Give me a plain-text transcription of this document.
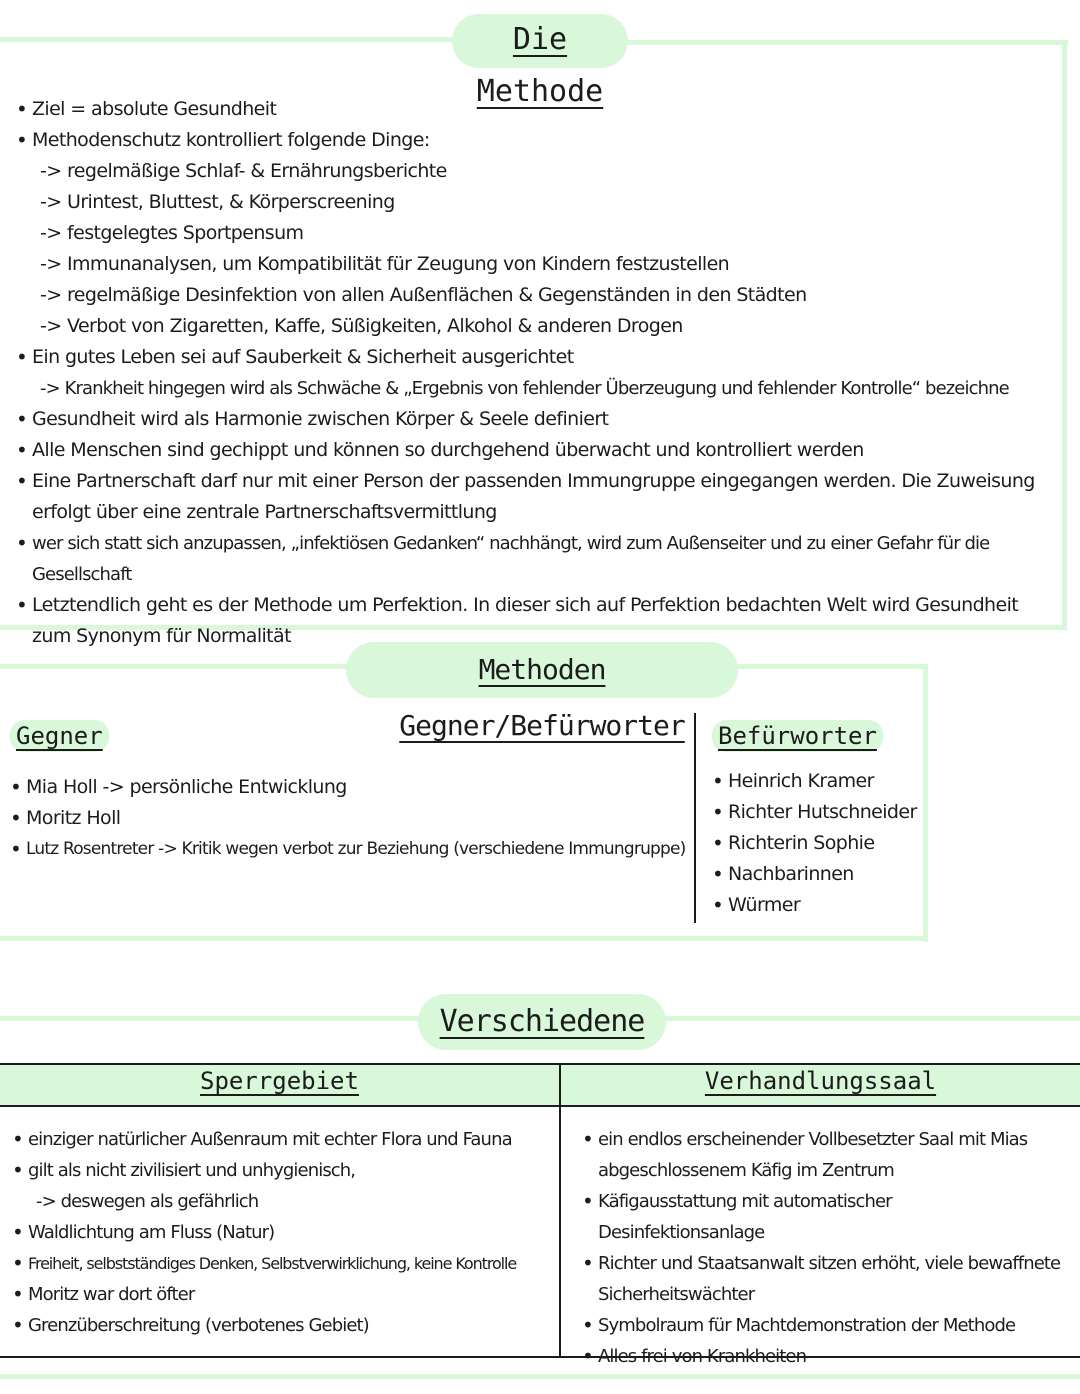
Die Methode
• Ziel = absolute Gesundheit
• Methodenschutz kontrolliert folgende Dinge:
-> regelmäßige Schlaf- & Ernährungsberichte
-> Urintest, Bluttest, & Körperscreening
-> festgelegtes Sportpensum
-> Immunanalysen, um Kompatibilität für Zeugung von Kindern festzustellen
-> regelmäßige Desinfektion von allen Außenflächen & Gegenständen in den Städten
-> Verbot von Zigaretten, Kaffe, Süßigkeiten, Alkohol & anderen Drogen
• Ein gutes Leben sei auf Sauberkeit & Sicherheit ausgerichtet
-> Krankheit hingegen wird als Schwäche & „Ergebnis von fehlender Überzeugung und fehlender Kontrolle“ bezeichne
• Gesundheit wird als Harmonie zwischen Körper & Seele definiert
• Alle Menschen sind gechippt und können so durchgehend überwacht und kontrolliert werden
• Eine Partnerschaft darf nur mit einer Person der passenden Immungruppe eingegangen werden. Die Zuweisung erfolgt über eine zentrale Partnerschaftsvermittlung
• wer sich statt sich anzupassen, „infektiösen Gedanken“ nachhängt, wird zum Außenseiter und zu einer Gefahr für die Gesellschaft
• Letztendlich geht es der Methode um Perfektion. In dieser sich auf Perfektion bedachten Welt wird Gesundheit zum Synonym für Normalität
Methoden Gegner/Befürworter
Gegner
• Mia Holl -> persönliche Entwicklung
• Moritz Holl
• Lutz Rosentreter -> Kritik wegen verbot zur Beziehung (verschiedene Immungruppe)
Befürworter
• Heinrich Kramer
• Richter Hutschneider
• Richterin Sophie
• Nachbarinnen
• Würmer
Verschiedene
Sperrgebiet	Verhandlungssaal
• einziger natürlicher Außenraum mit echter Flora und Fauna
• gilt als nicht zivilisiert und unhygienisch,
-> deswegen als gefährlich
• Waldlichtung am Fluss (Natur)
• Freiheit, selbstständiges Denken, Selbstverwirklichung, keine Kontrolle
• Moritz war dort öfter
• Grenzüberschreitung (verbotenes Gebiet)
• ein endlos erscheinender Vollbesetzter Saal mit Mias abgeschlossenem Käfig im Zentrum
• Käfigausstattung mit automatischer Desinfektionsanlage
• Richter und Staatsanwalt sitzen erhöht, viele bewaffnete Sicherheitswächter
• Symbolraum für Machtdemonstration der Methode
• Alles frei von Krankheiten
